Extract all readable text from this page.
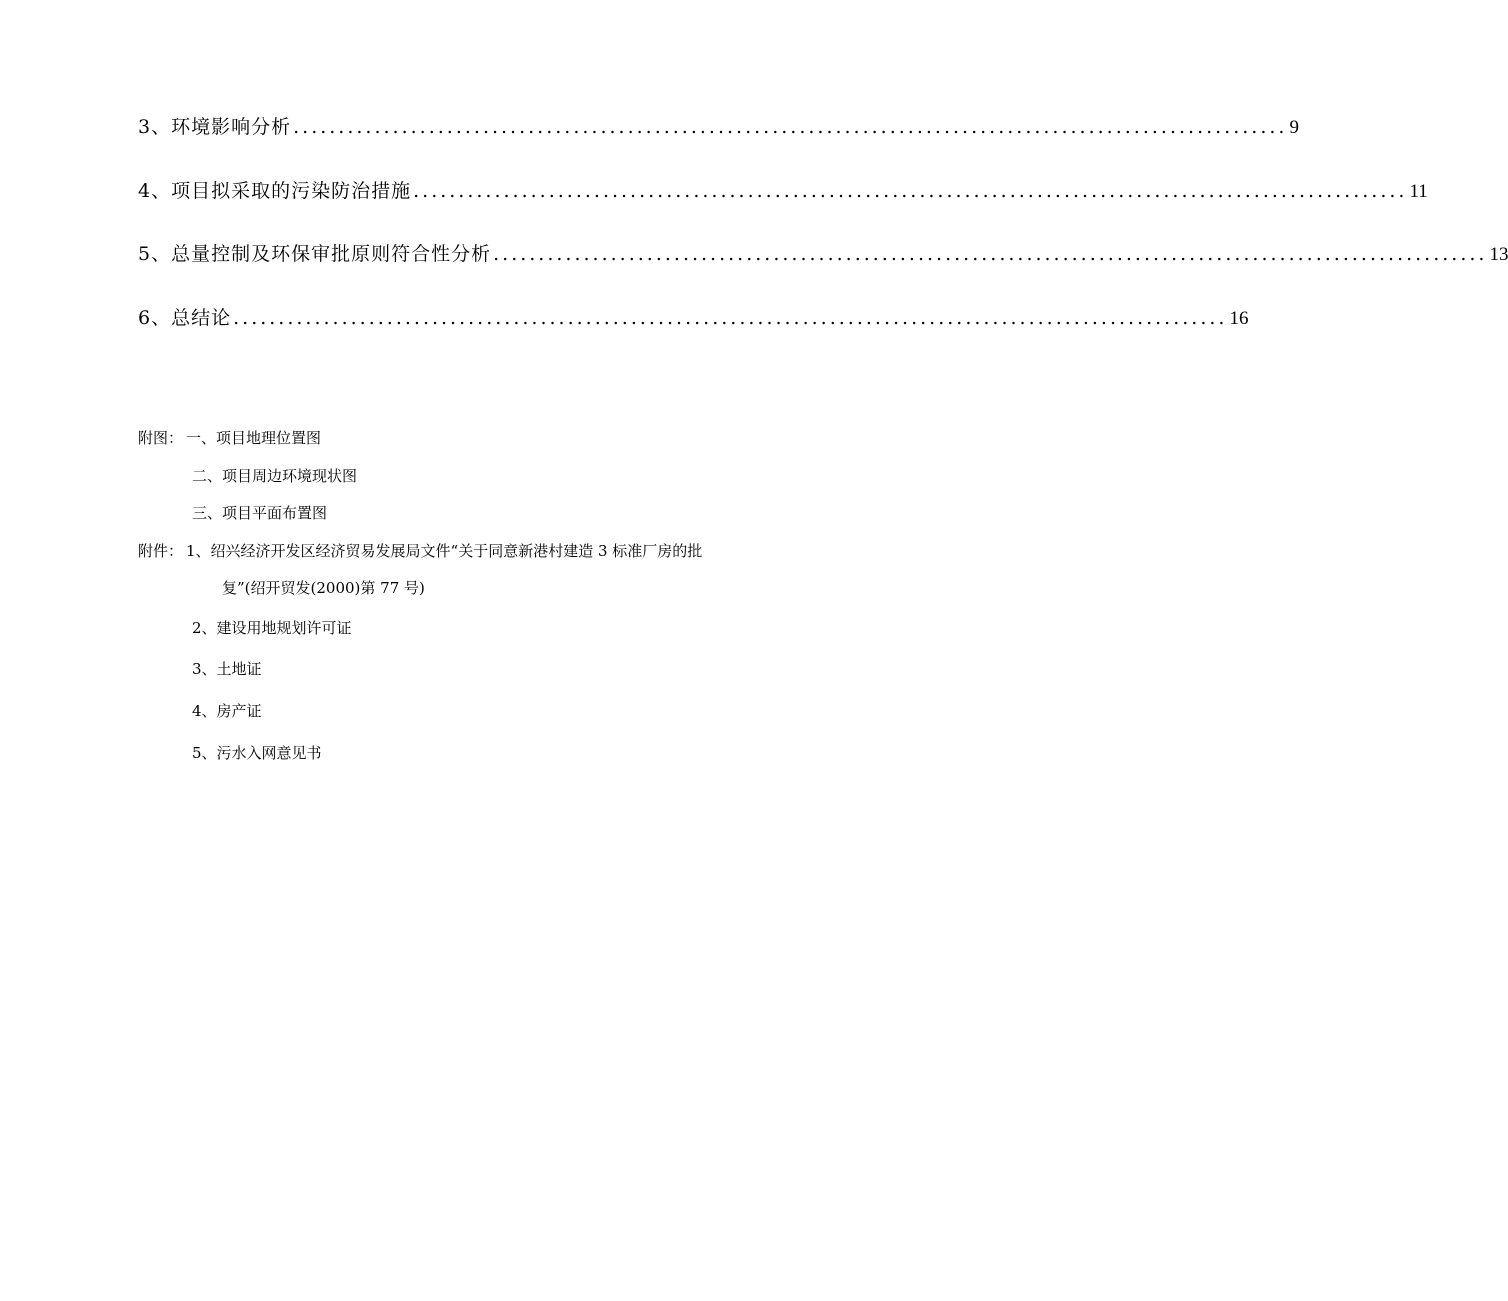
3、 环境影响分析 .............................................................................................................. 9
4、 项目拟采取的污染防治措施 .............................................................................................................. 11
5、 总量控制及环保审批原则符合性分析 .............................................................................................................. 13
6、 总结论 .............................................................................................................. 16
附图： 一、项目地理位置图
二、项目周边环境现状图
三、项目平面布置图
附件： 1、绍兴经济开发区经济贸易发展局文件“关于同意新港村建造 3 标准厂房的批
复”(绍开贸发(2000)第 77 号)
2、建设用地规划许可证
3、土地证
4、房产证
5、污水入网意见书
